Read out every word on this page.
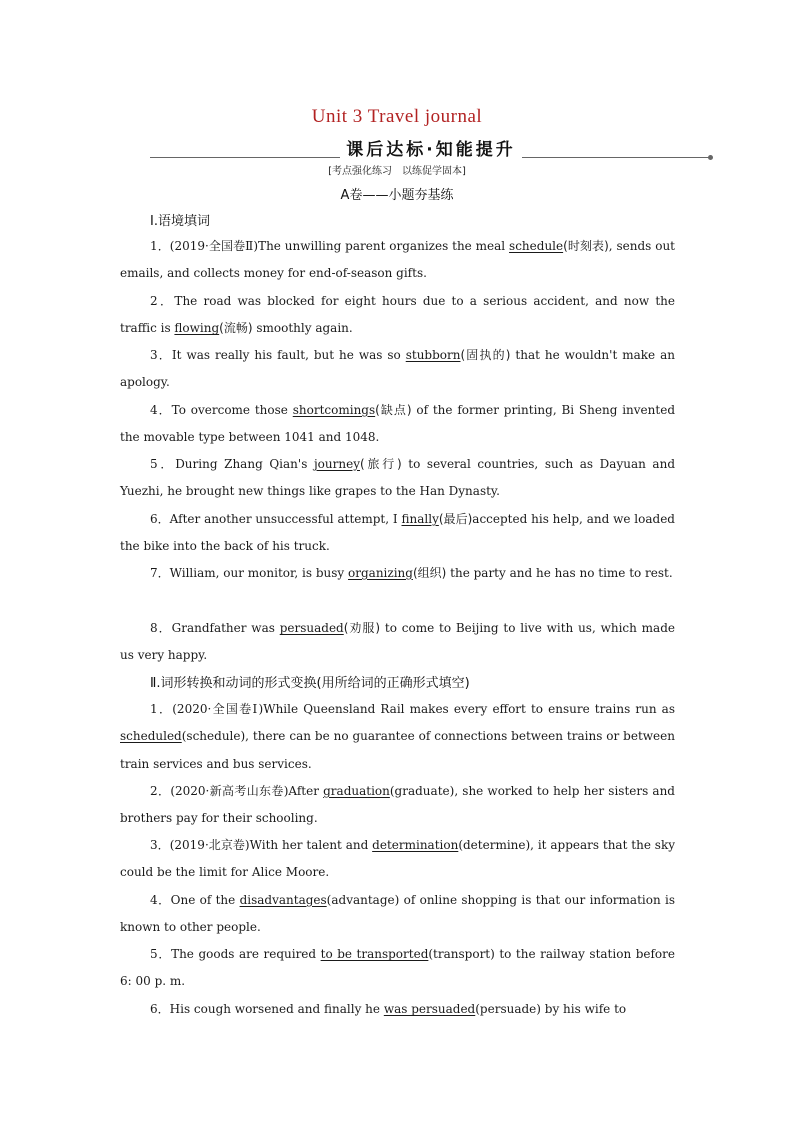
Unit 3 Travel journal
课后达标·知能提升
[考点强化练习　以练促学固本]
A卷——小题夯基练
Ⅰ.语境填词

1．(2019·全国卷Ⅱ)The unwilling parent organizes the meal schedule(时刻表), sends out emails, and collects money for end-of-season gifts.

2．The road was blocked for eight hours due to a serious accident, and now the traffic is flowing(流畅) smoothly again.

3．It was really his fault, but he was so stubborn(固执的) that he wouldn't make an apology.

4．To overcome those shortcomings(缺点) of the former printing, Bi Sheng invented the movable type between 1041 and 1048.

5．During Zhang Qian's journey(旅行) to several countries, such as Dayuan and Yuezhi, he brought new things like grapes to the Han Dynasty.

6．After another unsuccessful attempt, I finally(最后)accepted his help, and we loaded the bike into the back of his truck.

7．William, our monitor, is busy organizing(组织) the party and he has no time to rest.

8．Grandfather was persuaded(劝服) to come to Beijing to live with us, which made us very happy.

Ⅱ.词形转换和动词的形式变换(用所给词的正确形式填空)

1．(2020·全国卷Ⅰ)While Queensland Rail makes every effort to ensure trains run as scheduled(schedule), there can be no guarantee of connections between trains or between train services and bus services.

2．(2020·新高考山东卷)After graduation(graduate), she worked to help her sisters and brothers pay for their schooling.

3．(2019·北京卷)With her talent and determination(determine), it appears that the sky could be the limit for Alice Moore.

4．One of the disadvantages(advantage) of online shopping is that our information is known to other people.

5．The goods are required to be transported(transport) to the railway station before 6: 00 p. m.

6．His cough worsened and finally he was persuaded(persuade) by his wife to
